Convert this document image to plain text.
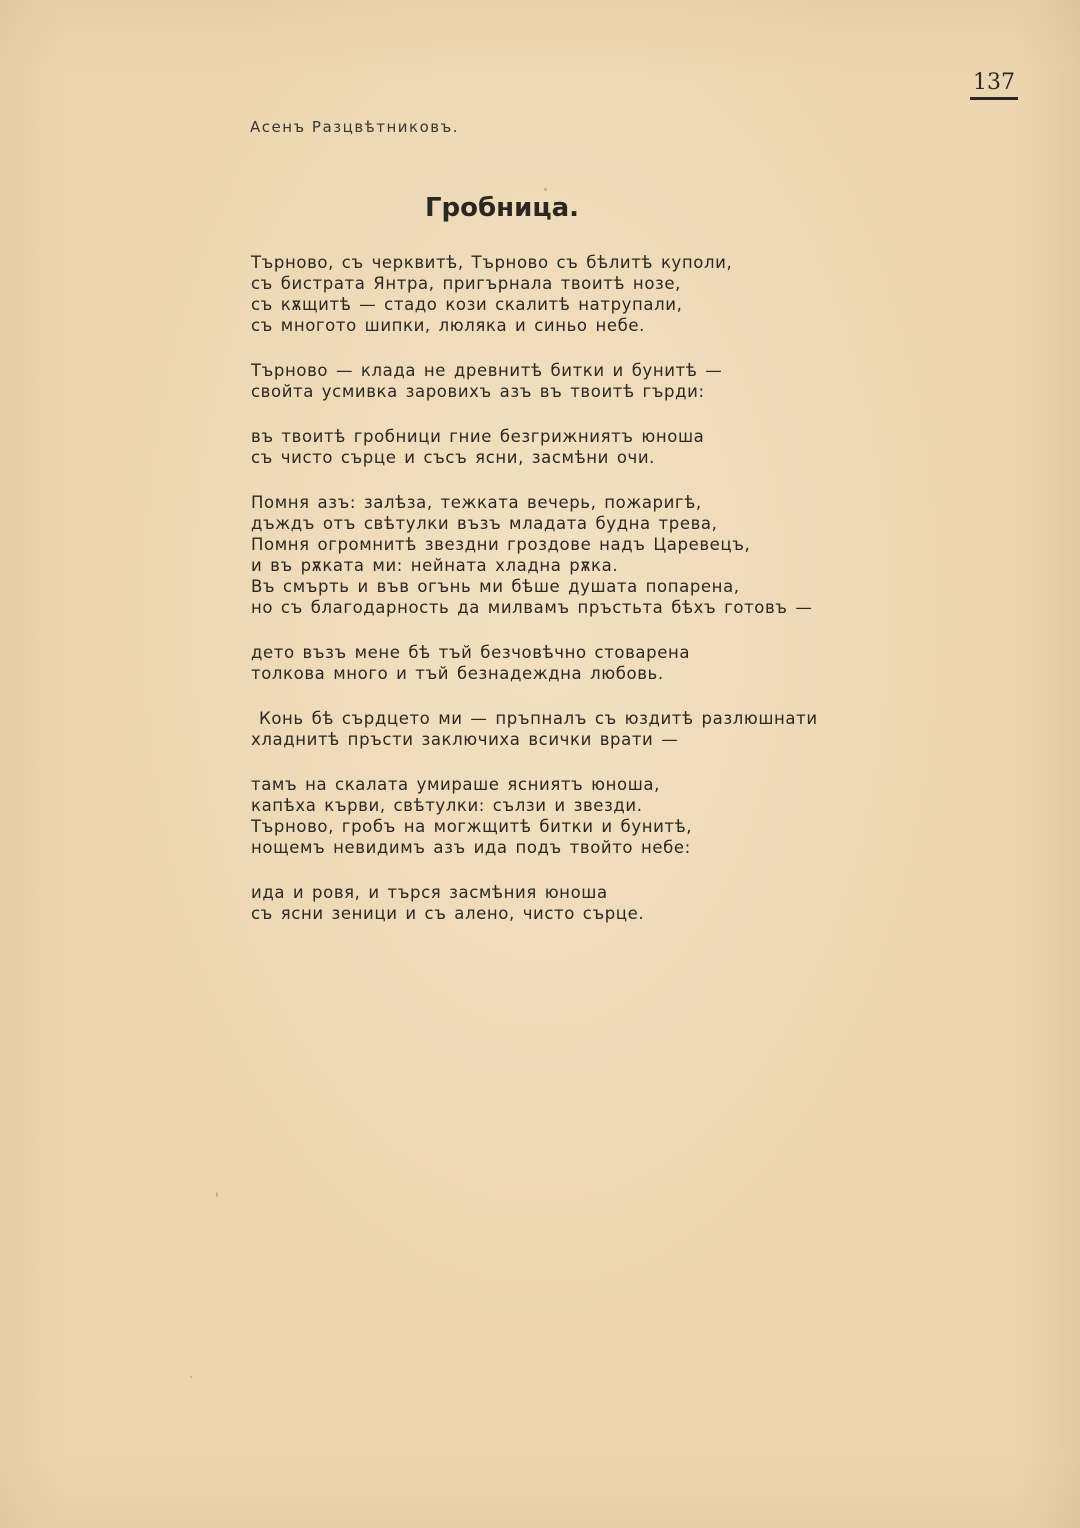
137
Асенъ Разцвѣтниковъ.
Гробница.
Търново, съ черквитѣ, Търново съ бѣлитѣ куполи,
съ бистрата Янтра, пригърнала твоитѣ нозе,
съ кѫщитѣ — стадо кози скалитѣ натрупали,
съ многото шипки, люляка и синьо небе.
Търново — клада не древнитѣ битки и бунитѣ —
свойта усмивка заровихъ азъ въ твоитѣ гърди:
въ твоитѣ гробници гние безгрижниятъ юноша
съ чисто сърце и съсъ ясни, засмѣни очи.
Помня азъ: залѣза, тежката вечерь, пожаригѣ,
дъждъ отъ свѣтулки възъ младата будна трева,
Помня огромнитѣ звездни гроздове надъ Царевецъ,
и въ рѫката ми: нейната хладна рѫка.
Въ смърть и във огънь ми бѣше душата попарена,
но съ благодарность да милвамъ пръстьта бѣхъ готовъ —
дето възъ мене бѣ тъй безчовѣчно стоварена
толкова много и тъй безнадеждна любовь.
Конь бѣ сърдцето ми — пръпналъ съ юздитѣ разлюшнати
хладнитѣ пръсти заключиха всички врати —
тамъ на скалата умираше ясниятъ юноша,
капѣха кърви, свѣтулки: сълзи и звезди.
Търново, гробъ на могжщитѣ битки и бунитѣ,
нощемъ невидимъ азъ ида подъ твойто небе:
ида и ровя, и търся засмѣния юноша
съ ясни зеници и съ алено, чисто сърце.
